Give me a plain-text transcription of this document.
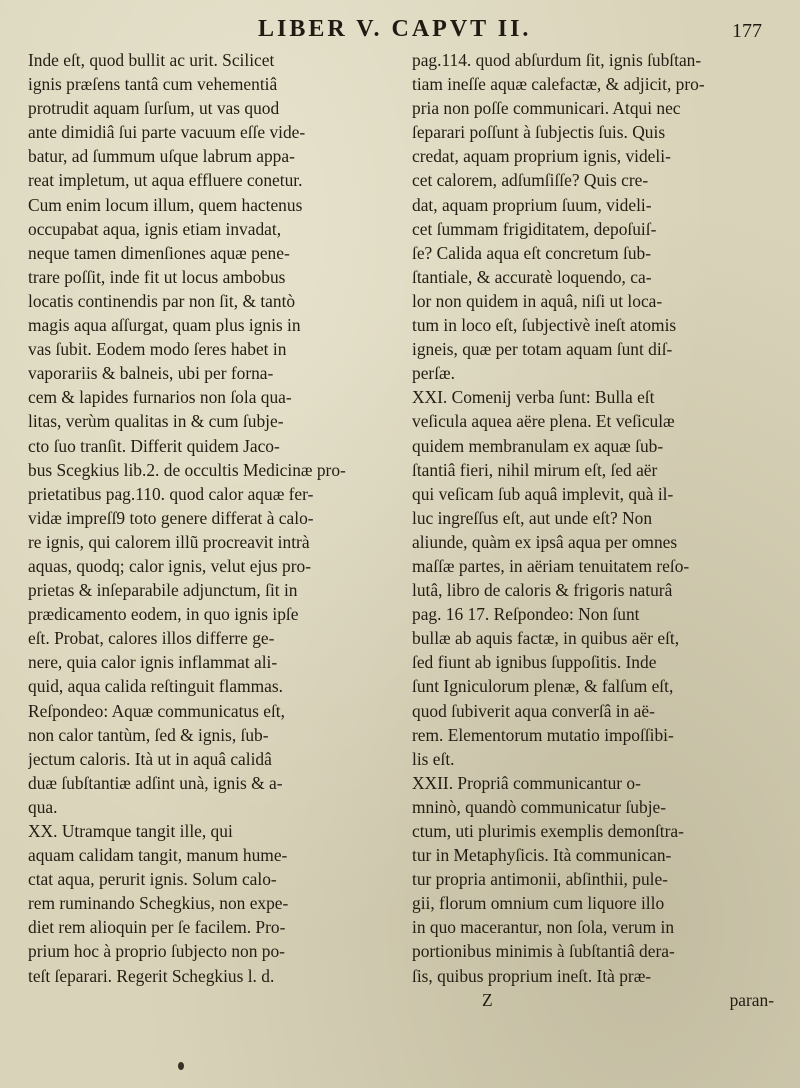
LIBER V. CAPVT II.	177
Inde eſt, quod bullit ac urit. Scilicet
ignis præſens tantâ cum vehementiâ
protrudit aquam ſurſum, ut vas quod
ante dimidiâ ſui parte vacuum eſſe vide-
batur, ad ſummum uſque labrum appa-
reat impletum, ut aqua effluere conetur.
Cum enim locum illum, quem hactenus
occupabat aqua, ignis etiam invadat,
neque tamen dimenſiones aquæ pene-
trare poſſit, inde fit ut locus ambobus
locatis continendis par non ſit, & tantò
magis aqua aſſurgat, quam plus ignis in
vas ſubit. Eodem modo ſeres habet in
vaporariis & balneis, ubi per forna-
cem & lapides furnarios non ſola qua-
litas, verùm qualitas in & cum ſubje-
cto ſuo tranſit. Differit quidem Jaco-
bus Scegkius lib.2. de occultis Medicinæ pro-
prietatibus pag.110. quod calor aquæ fer-
vidæ impreſſ9 toto genere differat à calo-
re ignis, qui calorem illũ procreavit intrà
aquas, quodq; calor ignis, velut ejus pro-
prietas & inſeparabile adjunctum, ſit in
prædicamento eodem, in quo ignis ipſe
eſt. Probat, calores illos differre ge-
nere, quia calor ignis inflammat ali-
quid, aqua calida reſtinguit flammas.
Reſpondeo: Aquæ communicatus eſt,
non calor tantùm, ſed & ignis, ſub-
jectum caloris. Ità ut in aquâ calidâ
duæ ſubſtantiæ adſint unà, ignis & a-
qua.
XX. Utramque tangit ille, qui
aquam calidam tangit, manum hume-
ctat aqua, perurit ignis. Solum calo-
rem ruminando Schegkius, non expe-
diet rem alioquin per ſe facilem. Pro-
prium hoc à proprio ſubjecto non po-
teſt ſeparari. Regerit Schegkius l. d.
pag.114. quod abſurdum ſit, ignis ſubſtan-
tiam ineſſe aquæ calefactæ, & adjicit, pro-
pria non poſſe communicari. Atqui nec
ſeparari poſſunt à ſubjectis ſuis. Quis
credat, aquam proprium ignis, videli-
cet calorem, adſumſiſſe? Quis cre-
dat, aquam proprium ſuum, videli-
cet ſummam frigiditatem, depoſuiſ-
ſe? Calida aqua eſt concretum ſub-
ſtantiale, & accuratè loquendo, ca-
lor non quidem in aquâ, niſi ut loca-
tum in loco eſt, ſubjectivè ineſt atomis
igneis, quæ per totam aquam ſunt diſ-
perſæ.
XXI. Comenij verba ſunt: Bulla eſt
veſicula aquea aëre plena. Et veſiculæ
quidem membranulam ex aquæ ſub-
ſtantiâ fieri, nihil mirum eſt, ſed aër
qui veſicam ſub aquâ implevit, quà il-
luc ingreſſus eſt, aut unde eſt? Non
aliunde, quàm ex ipsâ aqua per omnes
maſſæ partes, in aëriam tenuitatem reſo-
lutâ, libro de caloris & frigoris naturâ
pag. 16 17. Reſpondeo: Non ſunt
bullæ ab aquis factæ, in quibus aër eſt,
ſed fiunt ab ignibus ſuppoſitis. Inde
ſunt Igniculorum plenæ, & falſum eſt,
quod ſubiverit aqua converſâ in aë-
rem. Elementorum mutatio impoſſibi-
lis eſt.
XXII. Propriâ communicantur o-
mninò, quandò communicatur ſubje-
ctum, uti plurimis exemplis demonſtra-
tur in Metaphyſicis. Ità communican-
tur propria antimonii, abſinthii, pule-
gii, florum omnium cum liquore illo
in quo macerantur, non ſola, verum in
portionibus minimis à ſubſtantiâ dera-
ſis, quibus proprium ineſt. Ità præ-
Z	paran-
